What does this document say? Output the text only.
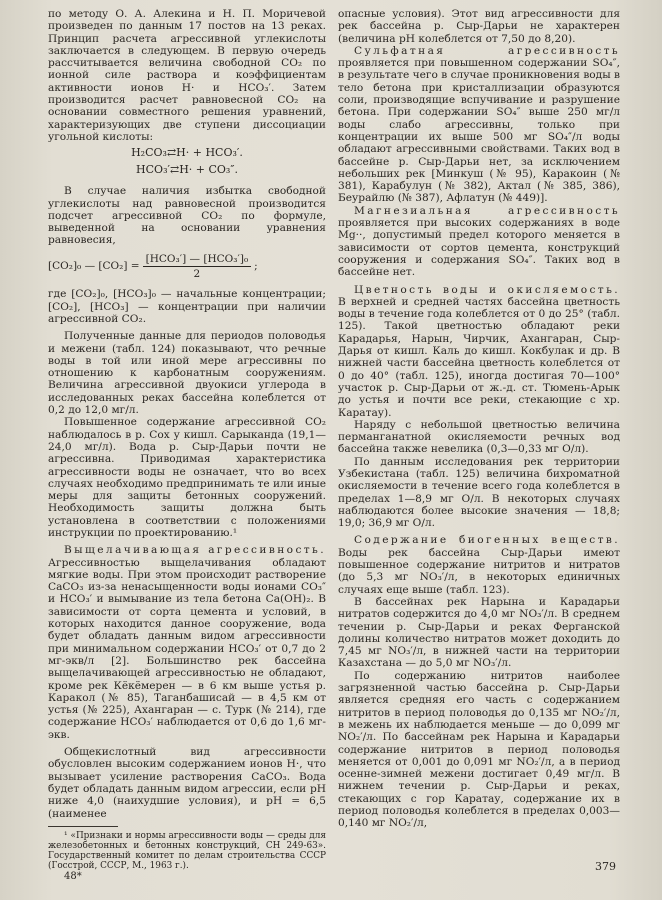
по методу О. А. Алекина и Н. П. Моричевой произведен по данным 17 постов на 13 реках. Принцип расчета агрессивной углекислоты заключается в следующем. В первую очередь рассчитывается величина свободной CO₂ по ионной силе раствора и коэффициентам активности ионов H· и HCO₃′. Затем производится расчет равновесной CO₂ на основании совместного решения уравнений, характеризующих две ступени диссоциации угольной кислоты:

H₂CO₃⇄H· + HCO₃′.
HCO₃′⇄H· + CO₃″.

В случае наличия избытка свободной углекислоты над равновесной производится подсчет агрессивной CO₂ по формуле, выведенной на основании уравнения равновесия,

[CO₂]₀ — $[CO_2] = \frac{\text{[HCO₃′] — [HCO₃′]₀}}{2}$ ;

где [CO₂]₀, [HCO₃]₀ — начальные концентрации; [CO₂], [HCO₃] — концентрации при наличии агрессивной CO₂.

Полученные данные для периодов половодья и межени (табл. 124) показывают, что речные воды в той или иной мере агрессивны по отношению к карбонатным сооружениям. Величина агрессивной двуокиси углерода в исследованных реках бассейна колеблется от 0,2 до 12,0 мг/л.

Повышенное содержание агрессивной CO₂ наблюдалось в р. Сох у кишл. Сарыканда (19,1—24,0 мг/л). Вода р. Сыр-Дарьи почти не агрессивна. Приводимая характеристика агрессивности воды не означает, что во всех случаях необходимо предпринимать те или иные меры для защиты бетонных сооружений. Необходимость защиты должна быть установлена в соответствии с положениями инструкции по проектированию.¹

Выщелачивающая агрессивность. Агрессивностью выщелачивания обладают мягкие воды. При этом происходит растворение CaCO₃ из-за ненасыщенности воды ионами CO₃″ и HCO₃′ и вымывание из тела бетона Ca(OH)₂. В зависимости от сорта цемента и условий, в которых находится данное сооружение, вода будет обладать данным видом агрессивности при минимальном содержании HCO₃′ от 0,7 до 2 мг-экв/л [2]. Большинство рек бассейна выщелачивающей агрессивностью не обладают, кроме рек Кёкёмерен — в 6 км выше устья р. Каракол (№ 85), Таганбашисай — в 4,5 км от устья (№ 225), Ахангаран — с. Турк (№ 214), где содержание HCO₃′ наблюдается от 0,6 до 1,6 мг-экв.

Общекислотный вид агрессивности обусловлен высоким содержанием ионов H·, что вызывает усиление растворения CaCO₃. Вода будет обладать данным видом агрессии, если pH ниже 4,0 (наихудшие условия), и pH = 6,5 (наименее

¹ «Признаки и нормы агрессивности воды — среды для железобетонных и бетонных конструкций, СН 249-63». Государственный комитет по делам строительства СССР (Госстрой, СССР, М., 1963 г.).

48*

опасные условия). Этот вид агрессивности для рек бассейна р. Сыр-Дарьи не характерен (величина pH колеблется от 7,50 до 8,20).

Сульфатная агрессивность проявляется при повышенном содержании SO₄″, в результате чего в случае проникновения воды в тело бетона при кристаллизации образуются соли, производящие вспучивание и разрушение бетона. При содержании SO₄″ выше 250 мг/л воды слабо агрессивны, только при концентрации их выше 500 мг SO₄″/л воды обладают агрессивными свойствами. Таких вод в бассейне р. Сыр-Дарьи нет, за исключением небольших рек [Минкуш (№ 95), Каракоин (№ 381), Карабулун (№ 382), Актал (№ 385, 386), Беурайлю (№ 387), Афлатун (№ 449)].

Магнезиальная агрессивность проявляется при высоких содержаниях в воде Mg··, допустимый предел которого меняется в зависимости от сортов цемента, конструкций сооружения и содержания SO₄″. Таких вод в бассейне нет.

Цветность воды и окисляемость. В верхней и средней частях бассейна цветность воды в течение года колеблется от 0 до 25° (табл. 125). Такой цветностью обладают реки Карадарья, Нарын, Чирчик, Ахангаран, Сыр-Дарья от кишл. Каль до кишл. Кокбулак и др. В нижней части бассейна цветность колеблется от 0 до 40° (табл. 125), иногда достигая 70—100° участок р. Сыр-Дарьи от ж.-д. ст. Тюмень-Арык до устья и почти все реки, стекающие с хр. Каратау).

Наряду с небольшой цветностью величина перманганатной окисляемости речных вод бассейна также невелика (0,3—0,33 мг O/л).

По данным исследования рек территории Узбекистана (табл. 125) величина бихроматной окисляемости в течение всего года колеблется в пределах 1—8,9 мг O/л. В некоторых случаях наблюдаются более высокие значения — 18,8; 19,0; 36,9 мг O/л.

Содержание биогенных веществ. Воды рек бассейна Сыр-Дарьи имеют повышенное содержание нитритов и нитратов (до 5,3 мг NO₃′/л, в некоторых единичных случаях еще выше (табл. 123).

В бассейнах рек Нарына и Карадарьи нитратов содержится до 4,0 мг NO₃′/л. В среднем течении р. Сыр-Дарьи и реках Ферганской долины количество нитратов может доходить до 7,45 мг NO₃′/л, в нижней части на территории Казахстана — до 5,0 мг NO₃′/л.

По содержанию нитритов наиболее загрязненной частью бассейна р. Сыр-Дарьи является средняя его часть с содержанием нитритов в период половодья до 0,135 мг NO₂′/л, в межень их наблюдается меньше — до 0,099 мг NO₂′/л. По бассейнам рек Нарына и Карадарьи содержание нитритов в период половодья меняется от 0,001 до 0,091 мг NO₂′/л, а в период осенне-зимней межени достигает 0,49 мг/л. В нижнем течении р. Сыр-Дарьи и реках, стекающих с гор Каратау, содержание их в период половодья колеблется в пределах 0,003—0,140 мг NO₂′/л,

379
